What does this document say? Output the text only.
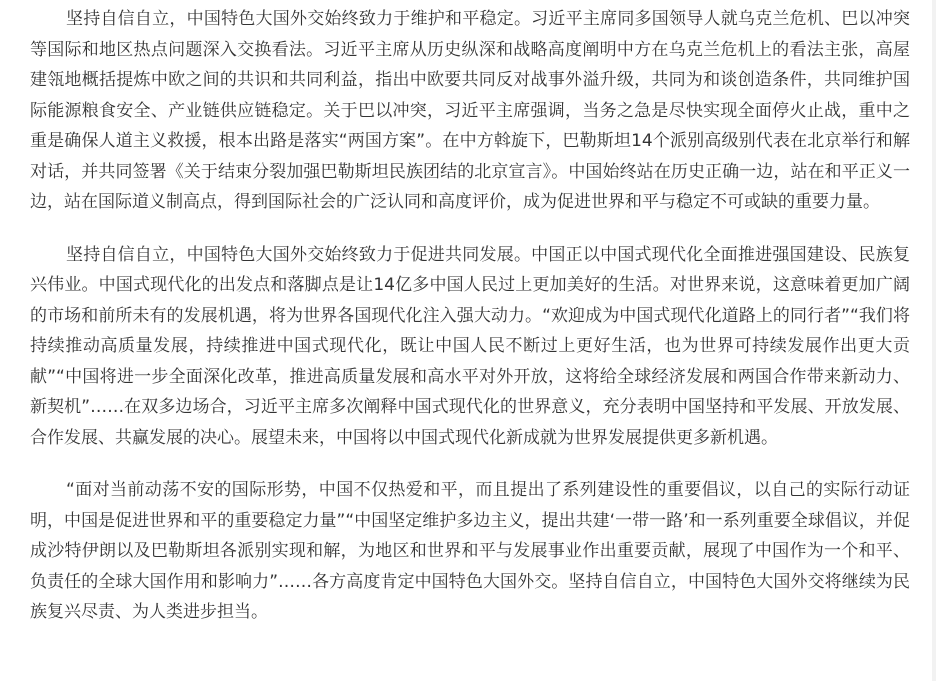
坚持自信自立，中国特色大国外交始终致力于维护和平稳定。习近平主席同多国领导人就乌克兰危机、巴以冲突等国际和地区热点问题深入交换看法。习近平主席从历史纵深和战略高度阐明中方在乌克兰危机上的看法主张，高屋建瓴地概括提炼中欧之间的共识和共同利益，指出中欧要共同反对战事外溢升级，共同为和谈创造条件，共同维护国际能源粮食安全、产业链供应链稳定。关于巴以冲突，习近平主席强调，当务之急是尽快实现全面停火止战，重中之重是确保人道主义救援，根本出路是落实“两国方案”。在中方斡旋下，巴勒斯坦14个派别高级别代表在北京举行和解对话，并共同签署《关于结束分裂加强巴勒斯坦民族团结的北京宣言》。中国始终站在历史正确一边，站在和平正义一边，站在国际道义制高点，得到国际社会的广泛认同和高度评价，成为促进世界和平与稳定不可或缺的重要力量。

坚持自信自立，中国特色大国外交始终致力于促进共同发展。中国正以中国式现代化全面推进强国建设、民族复兴伟业。中国式现代化的出发点和落脚点是让14亿多中国人民过上更加美好的生活。对世界来说，这意味着更加广阔的市场和前所未有的发展机遇，将为世界各国现代化注入强大动力。“欢迎成为中国式现代化道路上的同行者”“我们将持续推动高质量发展，持续推进中国式现代化，既让中国人民不断过上更好生活，也为世界可持续发展作出更大贡献”“中国将进一步全面深化改革，推进高质量发展和高水平对外开放，这将给全球经济发展和两国合作带来新动力、新契机”……在双多边场合，习近平主席多次阐释中国式现代化的世界意义，充分表明中国坚持和平发展、开放发展、合作发展、共赢发展的决心。展望未来，中国将以中国式现代化新成就为世界发展提供更多新机遇。

“面对当前动荡不安的国际形势，中国不仅热爱和平，而且提出了系列建设性的重要倡议，以自己的实际行动证明，中国是促进世界和平的重要稳定力量”“中国坚定维护多边主义，提出共建‘一带一路’和一系列重要全球倡议，并促成沙特伊朗以及巴勒斯坦各派别实现和解，为地区和世界和平与发展事业作出重要贡献，展现了中国作为一个和平、负责任的全球大国作用和影响力”……各方高度肯定中国特色大国外交。坚持自信自立，中国特色大国外交将继续为民族复兴尽责、为人类进步担当。
